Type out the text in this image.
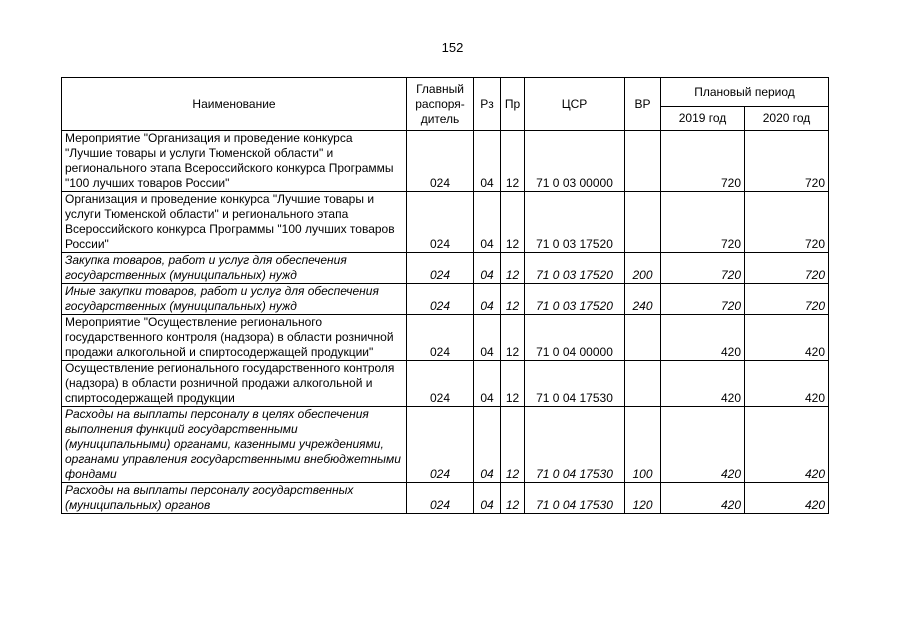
152
Наименование	Главный распоря-дитель	Рз	Пр	ЦСР	ВР	Плановый период	
						2019 год	2020 год
Мероприятие "Организация и проведение конкурса "Лучшие товары и услуги Тюменской области" и регионального этапа Всероссийского конкурса Программы "100 лучших товаров России"	024	04	12	71 0 03 00000		720	720
Организация и проведение конкурса "Лучшие товары и услуги Тюменской области" и регионального этапа Всероссийского конкурса Программы "100 лучших товаров России"	024	04	12	71 0 03 17520		720	720
Закупка товаров, работ и услуг для обеспечения государственных (муниципальных) нужд	024	04	12	71 0 03 17520	200	720	720
Иные закупки товаров, работ и услуг для обеспечения государственных (муниципальных) нужд	024	04	12	71 0 03 17520	240	720	720
Мероприятие "Осуществление регионального государственного контроля (надзора) в области розничной продажи алкогольной и спиртосодержащей продукции"	024	04	12	71 0 04 00000		420	420
Осуществление регионального государственного контроля (надзора) в области розничной продажи алкогольной и спиртосодержащей продукции	024	04	12	71 0 04 17530		420	420
Расходы на выплаты персоналу в целях обеспечения выполнения функций государственными (муниципальными) органами, казенными учреждениями, органами управления государственными внебюджетными фондами	024	04	12	71 0 04 17530	100	420	420
Расходы на выплаты персоналу государственных (муниципальных) органов	024	04	12	71 0 04 17530	120	420	420
